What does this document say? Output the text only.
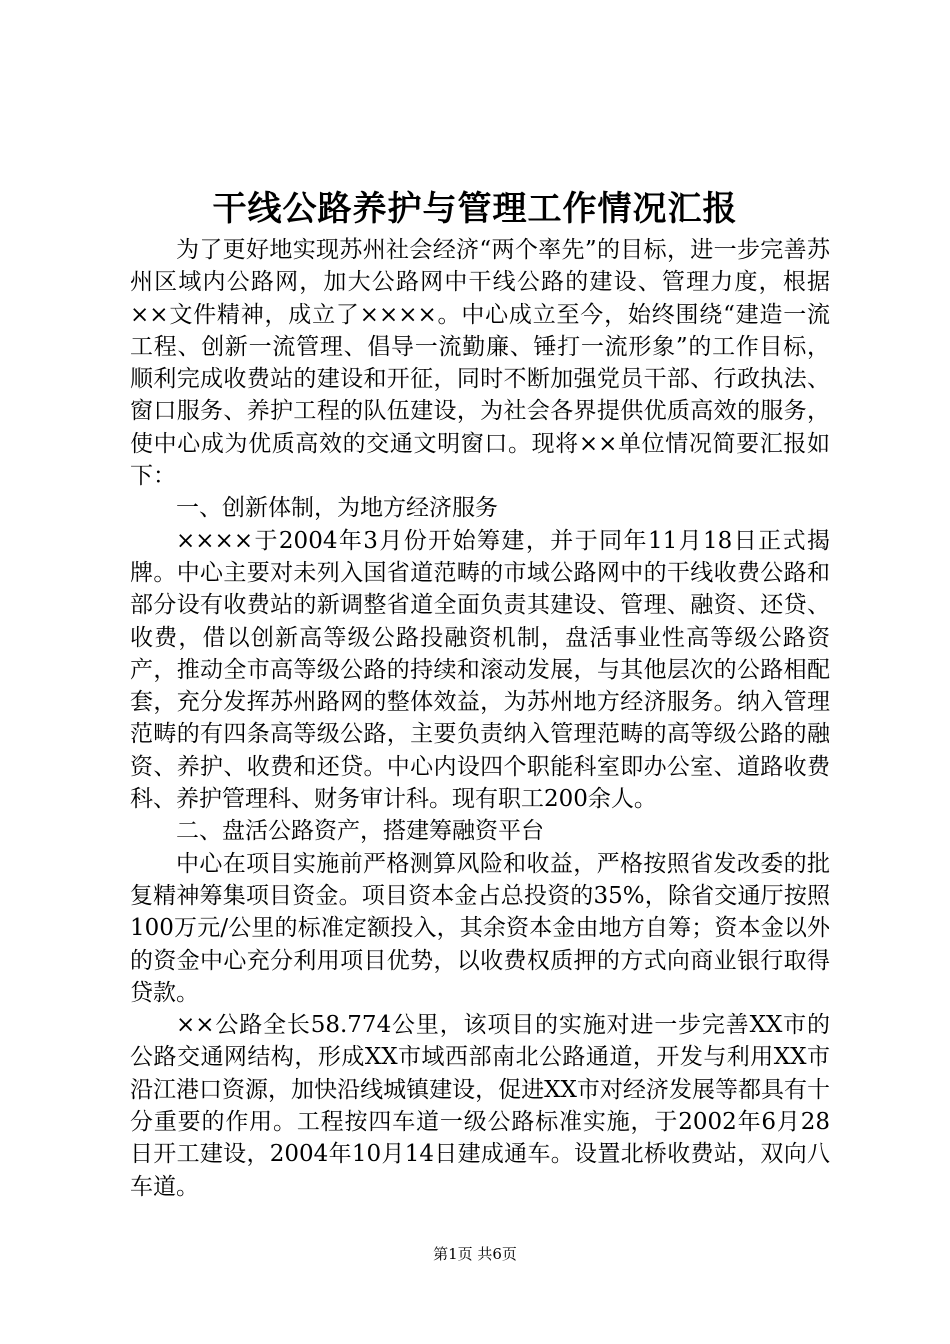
干线公路养护与管理工作情况汇报

为了更好地实现苏州社会经济“两个率先”的目标，进一步完善苏州区域内公路网，加大公路网中干线公路的建设、管理力度，根据××文件精神，成立了××××。中心成立至今，始终围绕“建造一流工程、创新一流管理、倡导一流勤廉、锤打一流形象”的工作目标，顺利完成收费站的建设和开征，同时不断加强党员干部、行政执法、窗口服务、养护工程的队伍建设，为社会各界提供优质高效的服务，使中心成为优质高效的交通文明窗口。现将××单位情况简要汇报如下：

一、创新体制，为地方经济服务

××××于2004年3月份开始筹建，并于同年11月18日正式揭牌。中心主要对未列入国省道范畴的市域公路网中的干线收费公路和部分设有收费站的新调整省道全面负责其建设、管理、融资、还贷、收费，借以创新高等级公路投融资机制，盘活事业性高等级公路资产，推动全市高等级公路的持续和滚动发展，与其他层次的公路相配套，充分发挥苏州路网的整体效益，为苏州地方经济服务。纳入管理范畴的有四条高等级公路，主要负责纳入管理范畴的高等级公路的融资、养护、收费和还贷。中心内设四个职能科室即办公室、道路收费科、养护管理科、财务审计科。现有职工200余人。

二、盘活公路资产，搭建筹融资平台

中心在项目实施前严格测算风险和收益，严格按照省发改委的批复精神筹集项目资金。项目资本金占总投资的35%，除省交通厅按照100万元/公里的标准定额投入，其余资本金由地方自筹；资本金以外的资金中心充分利用项目优势，以收费权质押的方式向商业银行取得贷款。

××公路全长58.774公里，该项目的实施对进一步完善XX市的公路交通网结构，形成XX市域西部南北公路通道，开发与利用XX市沿江港口资源，加快沿线城镇建设，促进XX市对经济发展等都具有十分重要的作用。工程按四车道一级公路标准实施，于2002年6月28日开工建设，2004年10月14日建成通车。设置北桥收费站，双向八车道。

第1页 共6页
